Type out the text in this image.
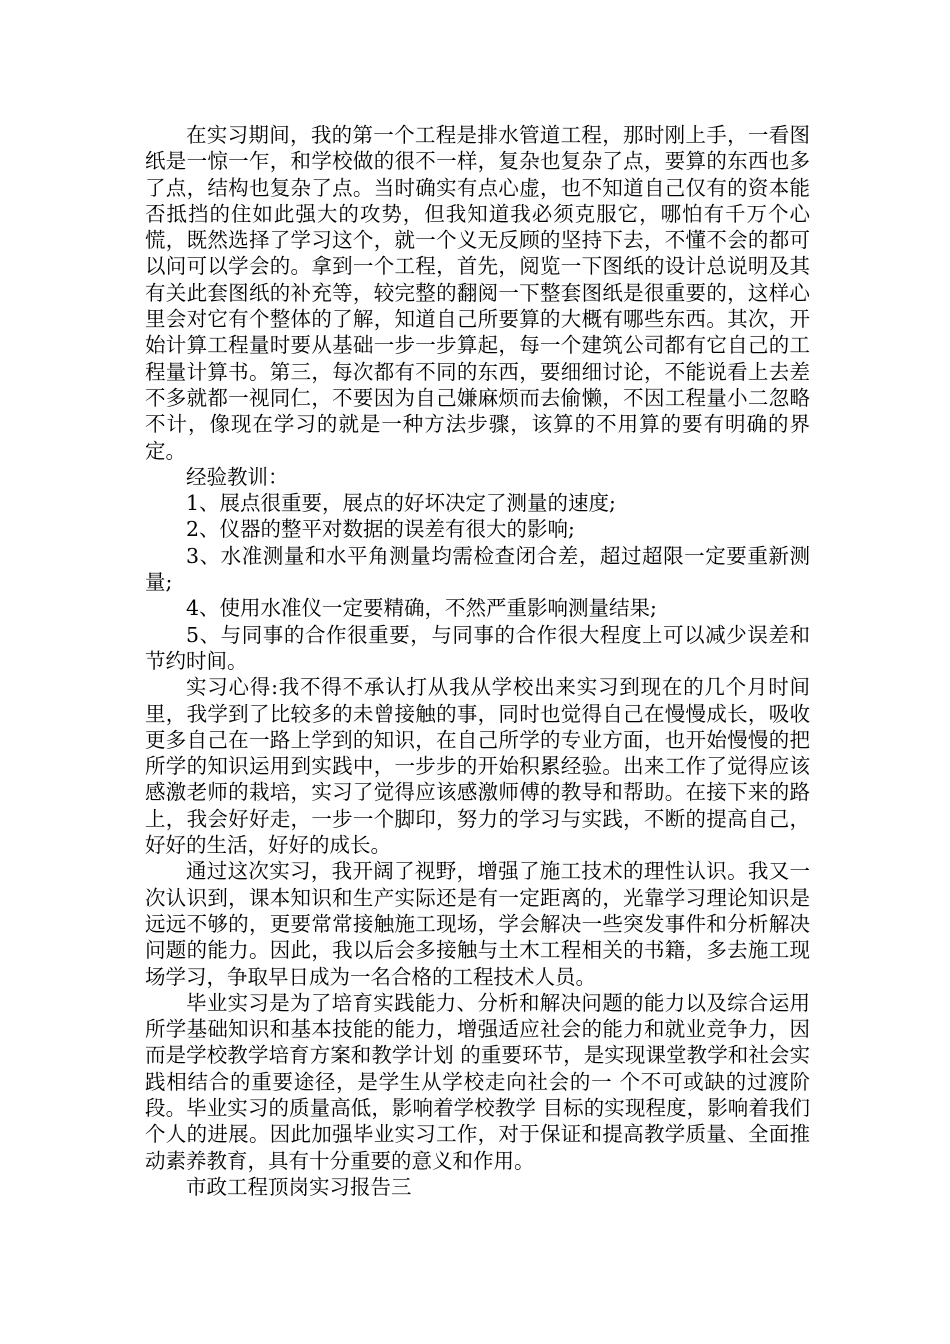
在实习期间，我的第一个工程是排水管道工程，那时刚上手，一看图纸是一惊一乍，和学校做的很不一样，复杂也复杂了点，要算的东西也多了点，结构也复杂了点。当时确实有点心虚，也不知道自己仅有的资本能否抵挡的住如此强大的攻势，但我知道我必须克服它，哪怕有千万个心慌，既然选择了学习这个，就一个义无反顾的坚持下去，不懂不会的都可以问可以学会的。拿到一个工程，首先，阅览一下图纸的设计总说明及其有关此套图纸的补充等，较完整的翻阅一下整套图纸是很重要的，这样心里会对它有个整体的了解，知道自己所要算的大概有哪些东西。其次，开始计算工程量时要从基础一步一步算起，每一个建筑公司都有它自己的工程量计算书。第三，每次都有不同的东西，要细细讨论，不能说看上去差不多就都一视同仁，不要因为自己嫌麻烦而去偷懒，不因工程量小二忽略不计，像现在学习的就是一种方法步骤，该算的不用算的要有明确的界定。

经验教训：

1、展点很重要，展点的好坏决定了测量的速度;

2、仪器的整平对数据的误差有很大的影响;

3、水准测量和水平角测量均需检查闭合差，超过超限一定要重新测量;

4、使用水准仪一定要精确，不然严重影响测量结果;

5、与同事的合作很重要，与同事的合作很大程度上可以减少误差和节约时间。

实习心得:我不得不承认打从我从学校出来实习到现在的几个月时间里，我学到了比较多的未曾接触的事，同时也觉得自己在慢慢成长，吸收更多自己在一路上学到的知识，在自己所学的专业方面，也开始慢慢的把所学的知识运用到实践中，一步步的开始积累经验。出来工作了觉得应该感激老师的栽培，实习了觉得应该感激师傅的教导和帮助。在接下来的路上，我会好好走，一步一个脚印，努力的学习与实践，不断的提高自己，好好的生活，好好的成长。

通过这次实习，我开阔了视野，增强了施工技术的理性认识。我又一次认识到，课本知识和生产实际还是有一定距离的，光靠学习理论知识是远远不够的，更要常常接触施工现场，学会解决一些突发事件和分析解决问题的能力。因此，我以后会多接触与土木工程相关的书籍，多去施工现场学习，争取早日成为一名合格的工程技术人员。

毕业实习是为了培育实践能力、分析和解决问题的能力以及综合运用所学基础知识和基本技能的能力，增强适应社会的能力和就业竞争力，因而是学校教学培育方案和教学计划 的重要环节，是实现课堂教学和社会实践相结合的重要途径，是学生从学校走向社会的一 个不可或缺的过渡阶段。毕业实习的质量高低，影响着学校教学 目标的实现程度，影响着我们个人的进展。因此加强毕业实习工作，对于保证和提高教学质量、全面推动素养教育，具有十分重要的意义和作用。

市政工程顶岗实习报告三
